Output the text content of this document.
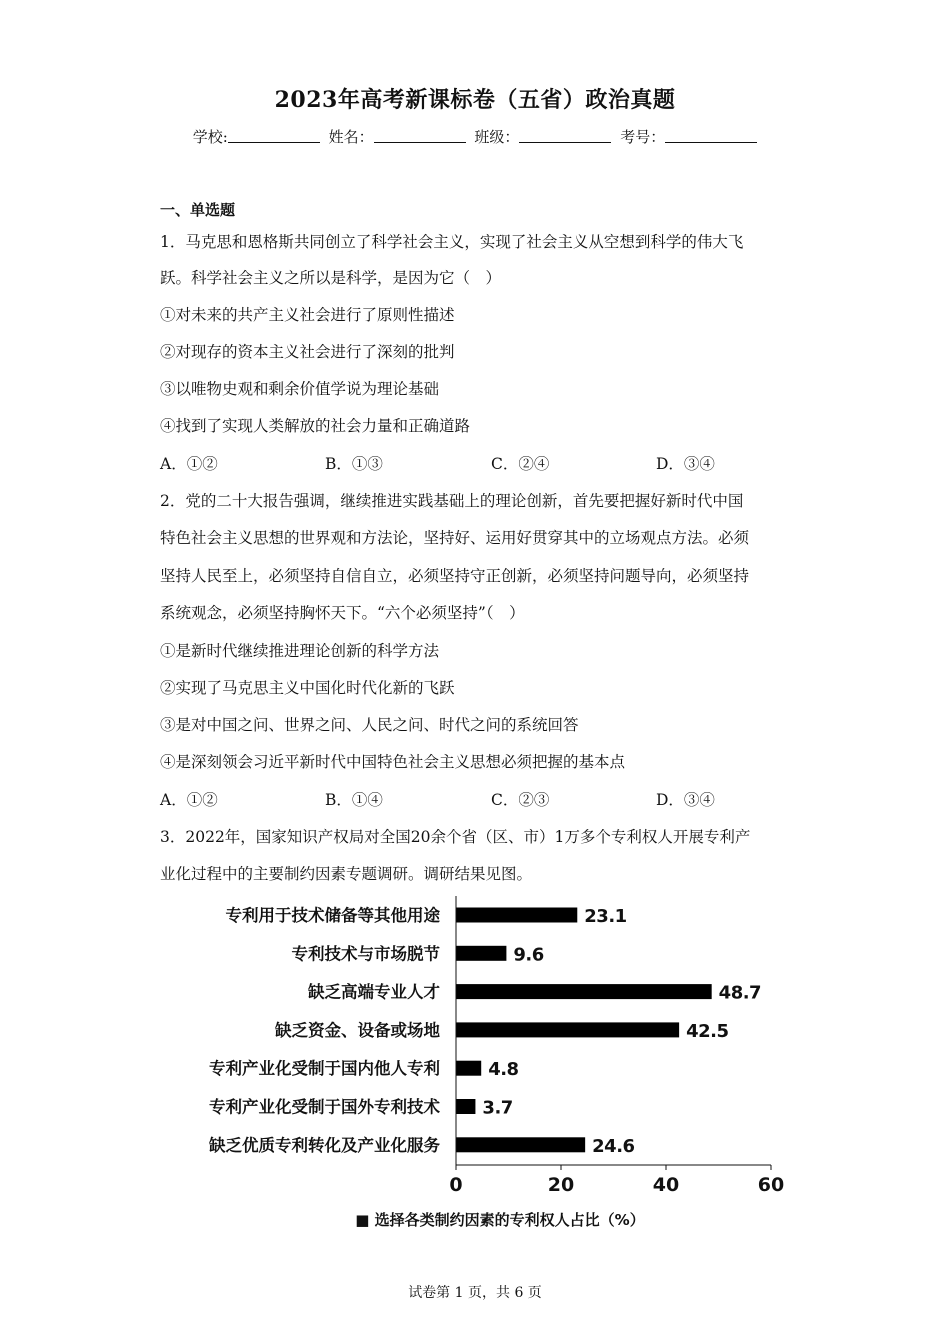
2023年高考新课标卷（五省）政治真题
学校:	姓名：	班级：	考号：
一、单选题
1．马克思和恩格斯共同创立了科学社会主义，实现了社会主义从空想到科学的伟大飞
跃。科学社会主义之所以是科学，是因为它（　）
①对未来的共产主义社会进行了原则性描述
②对现存的资本主义社会进行了深刻的批判
③以唯物史观和剩余价值学说为理论基础
④找到了实现人类解放的社会力量和正确道路
A．①②	B．①③	C．②④	D．③④
2．党的二十大报告强调，继续推进实践基础上的理论创新，首先要把握好新时代中国
特色社会主义思想的世界观和方法论，坚持好、运用好贯穿其中的立场观点方法。必须
坚持人民至上，必须坚持自信自立，必须坚持守正创新，必须坚持问题导向，必须坚持
系统观念，必须坚持胸怀天下。“六个必须坚持”（　）
①是新时代继续推进理论创新的科学方法
②实现了马克思主义中国化时代化新的飞跃
③是对中国之问、世界之问、人民之问、时代之问的系统回答
④是深刻领会习近平新时代中国特色社会主义思想必须把握的基本点
A．①②	B．①④	C．②③	D．③④
3．2022年，国家知识产权局对全国20余个省（区、市）1万多个专利权人开展专利产
业化过程中的主要制约因素专题调研。调研结果见图。
专利用于技术储备等其他用途	23.1
专利技术与市场脱节	9.6
缺乏高端专业人才	48.7
缺乏资金、设备或场地	42.5
专利产业化受制于国内他人专利	4.8
专利产业化受制于国外专利技术 3.7
缺乏优质专利转化及产业化服务	24.6
0	20	40	60
■ 选择各类制约因素的专利权人占比（%）
试卷第 1 页，共 6 页
